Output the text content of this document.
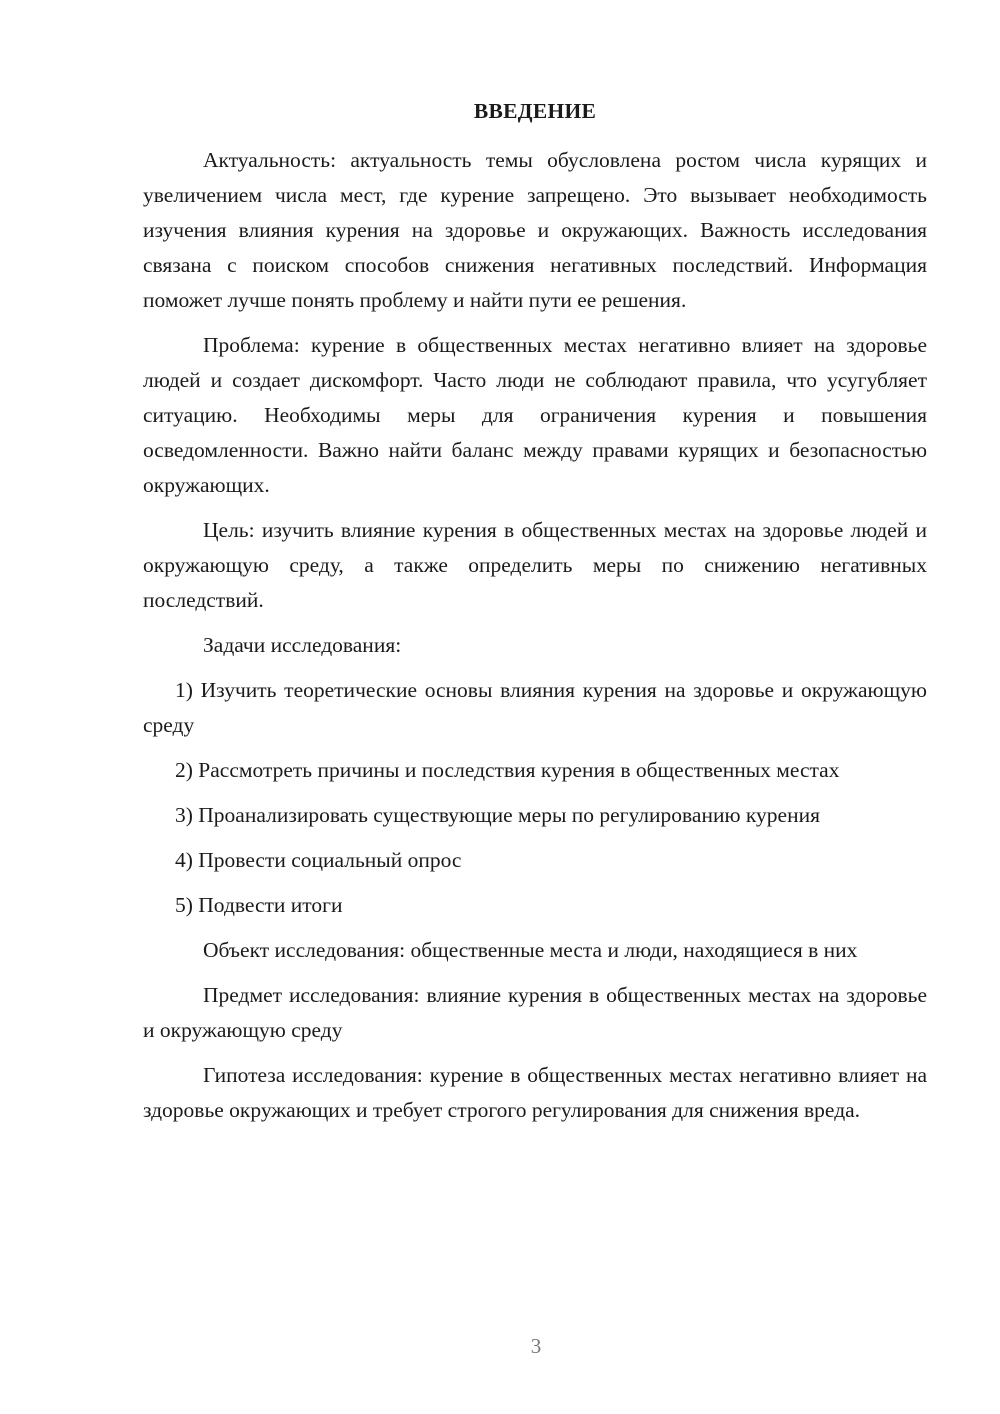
ВВЕДЕНИЕ

Актуальность: актуальность темы обусловлена ростом числа курящих и увеличением числа мест, где курение запрещено. Это вызывает необходимость изучения влияния курения на здоровье и окружающих. Важность исследования связана с поиском способов снижения негативных последствий. Информация поможет лучше понять проблему и найти пути ее решения.

Проблема: курение в общественных местах негативно влияет на здоровье людей и создает дискомфорт. Часто люди не соблюдают правила, что усугубляет ситуацию. Необходимы меры для ограничения курения и повышения осведомленности. Важно найти баланс между правами курящих и безопасностью окружающих.

Цель: изучить влияние курения в общественных местах на здоровье людей и окружающую среду, а также определить меры по снижению негативных последствий.

Задачи исследования:

1) Изучить теоретические основы влияния курения на здоровье и окружающую среду

2) Рассмотреть причины и последствия курения в общественных местах

3) Проанализировать существующие меры по регулированию курения

4) Провести социальный опрос

5) Подвести итоги

Объект исследования: общественные места и люди, находящиеся в них

Предмет исследования: влияние курения в общественных местах на здоровье и окружающую среду

Гипотеза исследования: курение в общественных местах негативно влияет на здоровье окружающих и требует строгого регулирования для снижения вреда.

3
